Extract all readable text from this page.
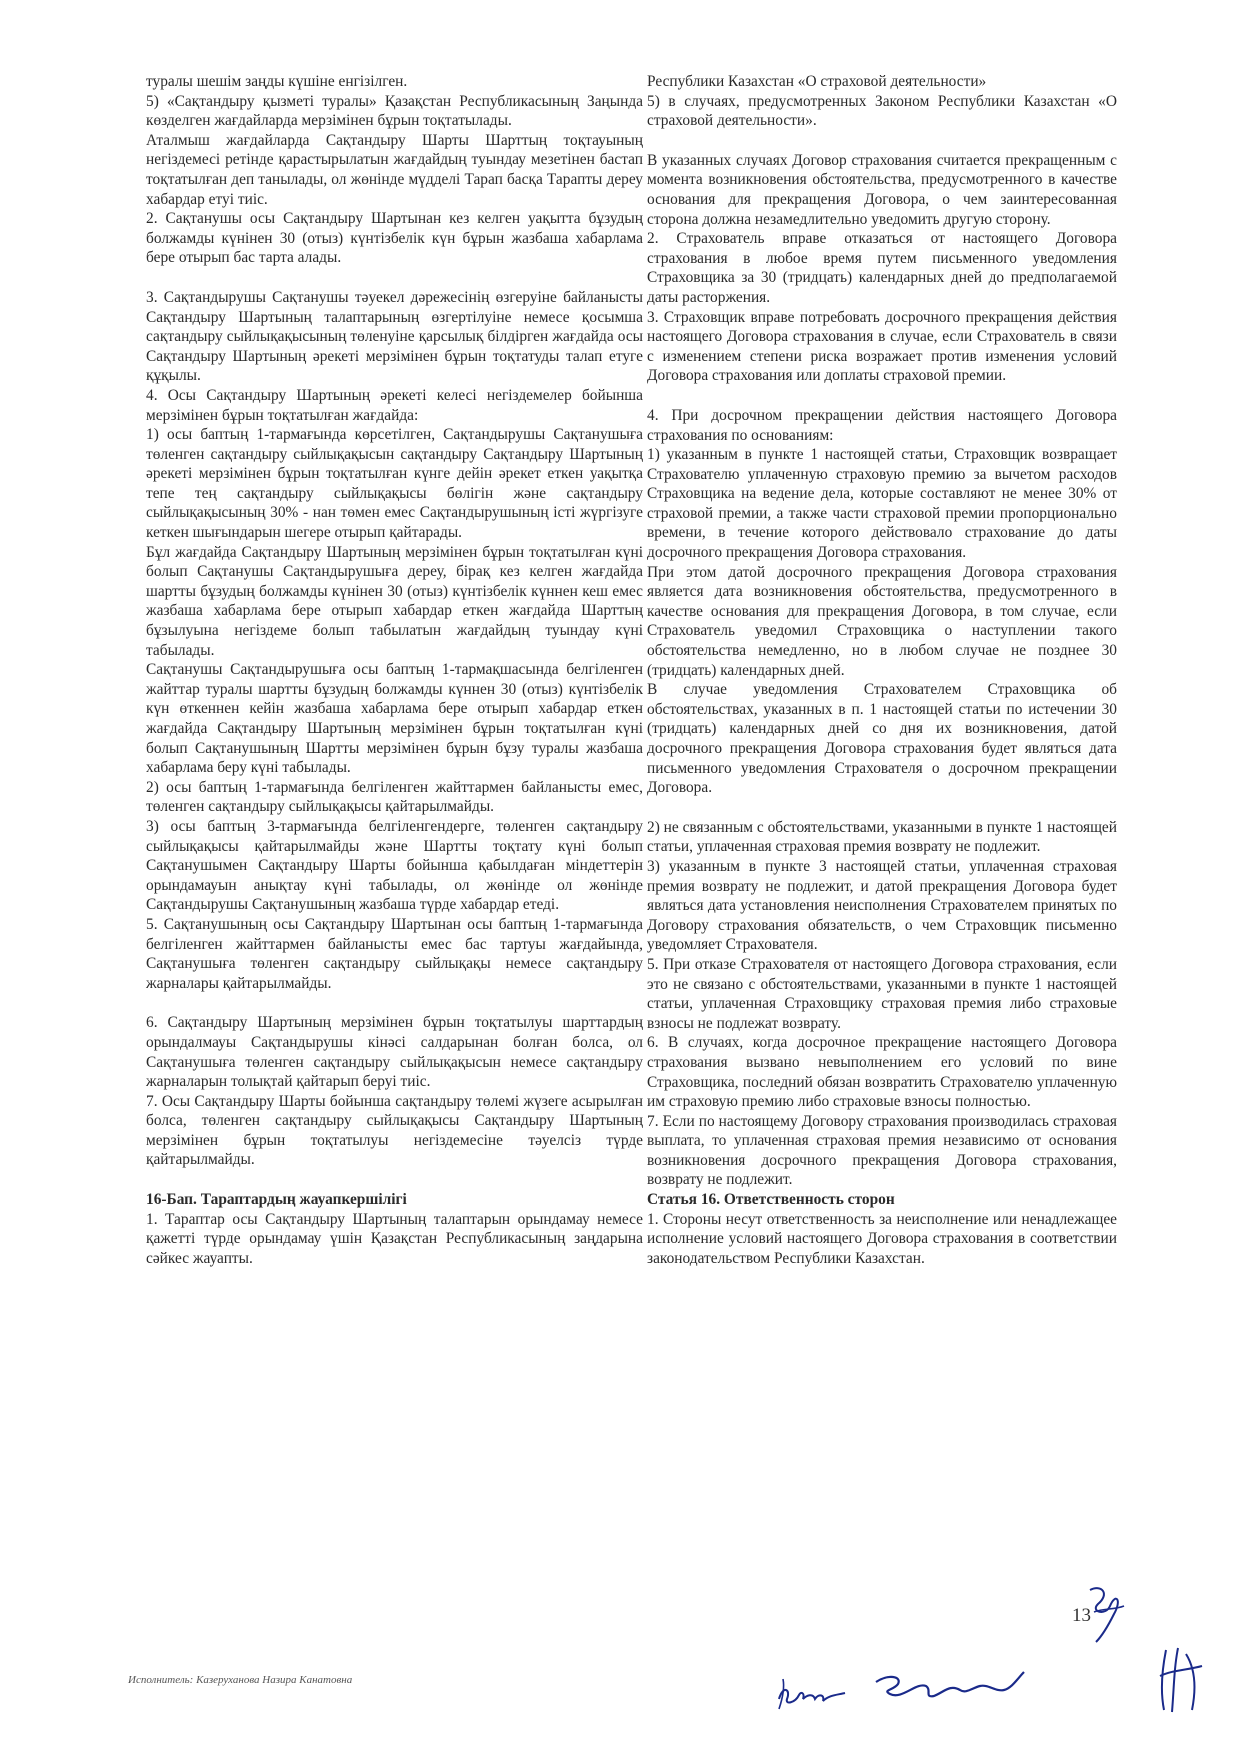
туралы шешім заңды күшіне енгізілген.

5) «Сақтандыру қызметі туралы» Қазақстан Республикасының Заңында көзделген жағдайларда мерзімінен бұрын тоқтатылады.

Аталмыш жағдайларда Сақтандыру Шарты Шарттың тоқтауының негіздемесі ретінде қарастырылатын жағдайдың туындау мезетінен бастап тоқтатылған деп танылады, ол жөнінде мүдделі Тарап басқа Тарапты дереу хабардар етуі тиіс.

2. Сақтанушы осы Сақтандыру Шартынан кез келген уақытта бұзудың болжамды күнінен 30 (отыз) күнтізбелік күн бұрын жазбаша хабарлама бере отырып бас тарта алады.

3. Сақтандырушы Сақтанушы тәуекел дәрежесінің өзгеруіне байланысты Сақтандыру Шартының талаптарының өзгертілуіне немесе қосымша сақтандыру сыйлықақысының төленуіне қарсылық білдірген жағдайда осы Сақтандыру Шартының әрекеті мерзімінен бұрын тоқтатуды талап етуге құқылы.

4. Осы Сақтандыру Шартының әрекеті келесі негіздемелер бойынша мерзімінен бұрын тоқтатылған жағдайда:

1) осы баптың 1-тармағында көрсетілген, Сақтандырушы Сақтанушыға төленген сақтандыру сыйлықақысын сақтандыру Сақтандыру Шартының әрекеті мерзімінен бұрын тоқтатылған күнге дейін әрекет еткен уақытқа тепе тең сақтандыру сыйлықақысы бөлігін және сақтандыру сыйлықақысының 30% - нан төмен емес Сақтандырушының істі жүргізуге кеткен шығындарын шегере отырып қайтарады.

Бұл жағдайда Сақтандыру Шартының мерзімінен бұрын тоқтатылған күні болып Сақтанушы Сақтандырушыға дереу, бірақ кез келген жағдайда шартты бұзудың болжамды күнінен 30 (отыз) күнтізбелік күннен кеш емес жазбаша хабарлама бере отырып хабардар еткен жағдайда Шарттың бұзылуына негіздеме болып табылатын жағдайдың туындау күні табылады.

Сақтанушы Сақтандырушыға осы баптың 1-тармақшасында белгіленген жайттар туралы шартты бұзудың болжамды күннен 30 (отыз) күнтізбелік күн өткеннен кейін жазбаша хабарлама бере отырып хабардар еткен жағдайда Сақтандыру Шартының мерзімінен бұрын тоқтатылған күні болып Сақтанушының Шартты мерзімінен бұрын бұзу туралы жазбаша хабарлама беру күні табылады.

2) осы баптың 1-тармағында белгіленген жайттармен байланысты емес, төленген сақтандыру сыйлықақысы қайтарылмайды.

3) осы баптың 3-тармағында белгіленгендерге, төленген сақтандыру сыйлықақысы қайтарылмайды және Шартты тоқтату күні болып Сақтанушымен Сақтандыру Шарты бойынша қабылдаған міндеттерін орындамауын анықтау күні табылады, ол жөнінде ол жөнінде Сақтандырушы Сақтанушының жазбаша түрде хабардар етеді.

5. Сақтанушының осы Сақтандыру Шартынан осы баптың 1-тармағында белгіленген жайттармен байланысты емес бас тартуы жағдайында, Сақтанушыға төленген сақтандыру сыйлықақы немесе сақтандыру жарналары қайтарылмайды.

6. Сақтандыру Шартының мерзімінен бұрын тоқтатылуы шарттардың орындалмауы Сақтандырушы кінәсі салдарынан болған болса, ол Сақтанушыға төленген сақтандыру сыйлықақысын немесе сақтандыру жарналарын толықтай қайтарып беруі тиіс.

7. Осы Сақтандыру Шарты бойынша сақтандыру төлемі жүзеге асырылған болса, төленген сақтандыру сыйлықақысы Сақтандыру Шартының мерзімінен бұрын тоқтатылуы негіздемесіне тәуелсіз түрде қайтарылмайды.

16-Бап. Тараптардың жауапкершілігі

1. Тараптар осы Сақтандыру Шартының талаптарын орындамау немесе қажетті түрде орындамау үшін Қазақстан Республикасының заңдарына сәйкес жауапты.

Республики Казахстан «О страховой деятельности»

5) в случаях, предусмотренных Законом Республики Казахстан «О страховой деятельности».

В указанных случаях Договор страхования считается прекращенным с момента возникновения обстоятельства, предусмотренного в качестве основания для прекращения Договора, о чем заинтересованная сторона должна незамедлительно уведомить другую сторону.

2. Страхователь вправе отказаться от настоящего Договора страхования в любое время путем письменного уведомления Страховщика за 30 (тридцать) календарных дней до предполагаемой даты расторжения.

3. Страховщик вправе потребовать досрочного прекращения действия настоящего Договора страхования в случае, если Страхователь в связи с изменением степени риска возражает против изменения условий Договора страхования или доплаты страховой премии.

4. При досрочном прекращении действия настоящего Договора страхования по основаниям:

1) указанным в пункте 1 настоящей статьи, Страховщик возвращает Страхователю уплаченную страховую премию за вычетом расходов Страховщика на ведение дела, которые составляют не менее 30% от страховой премии, а также части страховой премии пропорционально времени, в течение которого действовало страхование до даты досрочного прекращения Договора страхования.

При этом датой досрочного прекращения Договора страхования является дата возникновения обстоятельства, предусмотренного в качестве основания для прекращения Договора, в том случае, если Страхователь уведомил Страховщика о наступлении такого обстоятельства немедленно, но в любом случае не позднее 30 (тридцать) календарных дней.

В случае уведомления Страхователем Страховщика об обстоятельствах, указанных в п. 1 настоящей статьи по истечении 30 (тридцать) календарных дней со дня их возникновения, датой досрочного прекращения Договора страхования будет являться дата письменного уведомления Страхователя о досрочном прекращении Договора.

2) не связанным с обстоятельствами, указанными в пункте 1 настоящей статьи, уплаченная страховая премия возврату не подлежит.

3) указанным в пункте 3 настоящей статьи, уплаченная страховая премия возврату не подлежит, и датой прекращения Договора будет являться дата установления неисполнения Страхователем принятых по Договору страхования обязательств, о чем Страховщик письменно уведомляет Страхователя.

5. При отказе Страхователя от настоящего Договора страхования, если это не связано с обстоятельствами, указанными в пункте 1 настоящей статьи, уплаченная Страховщику страховая премия либо страховые взносы не подлежат возврату.

6. В случаях, когда досрочное прекращение настоящего Договора страхования вызвано невыполнением его условий по вине Страховщика, последний обязан возвратить Страхователю уплаченную им страховую премию либо страховые взносы полностью.

7. Если по настоящему Договору страхования производилась страховая выплата, то уплаченная страховая премия независимо от основания возникновения досрочного прекращения Договора страхования, возврату не подлежит.

Статья 16. Ответственность сторон

1. Стороны несут ответственность за неисполнение или ненадлежащее исполнение условий настоящего Договора страхования в соответствии законодательством Республики Казахстан.

13
Исполнитель: Казеруханова Назира Канатовна
